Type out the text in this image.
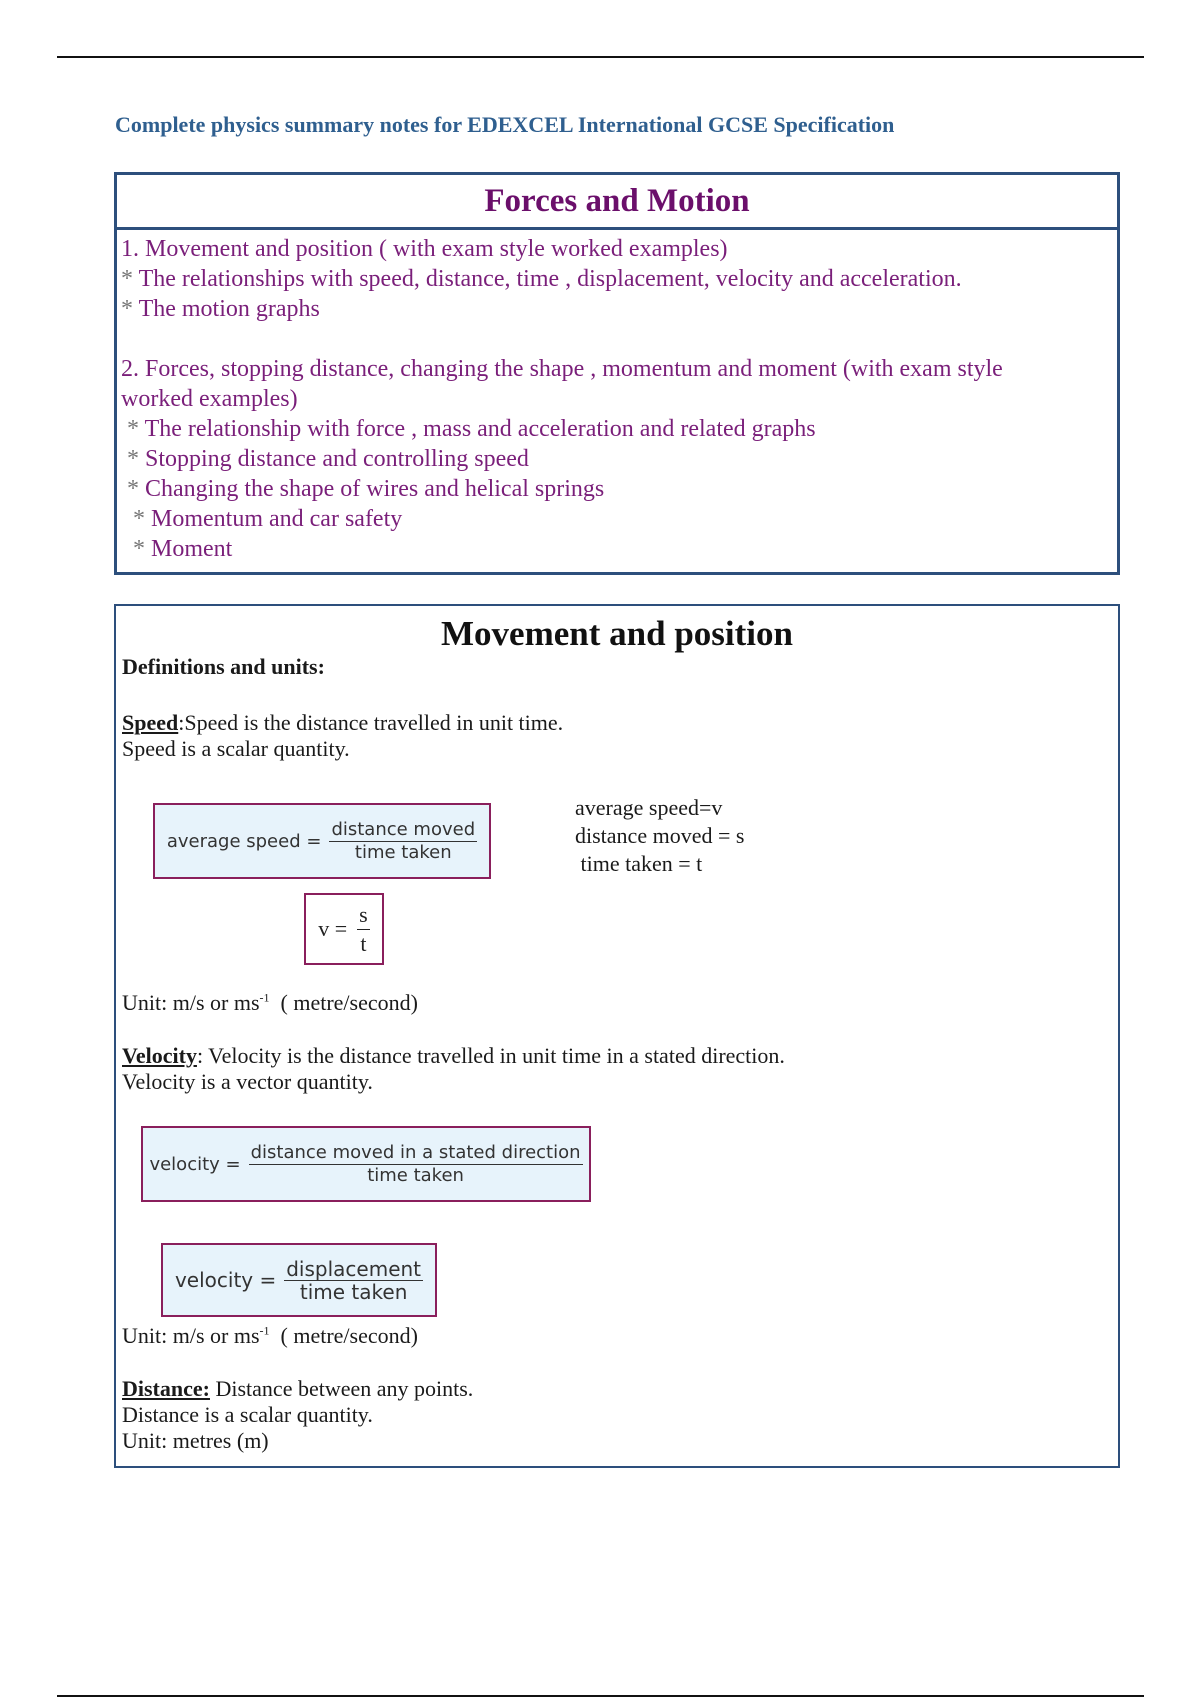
Complete physics summary notes for EDEXCEL International GCSE Specification
Forces and Motion
1. Movement and position ( with exam style worked examples)
* The relationships with speed, distance, time , displacement, velocity and acceleration.
* The motion graphs
2. Forces, stopping distance, changing the shape , momentum and moment (with exam style
worked examples)
* The relationship with force , mass and acceleration and related graphs
* Stopping distance and controlling speed
* Changing the shape of wires and helical springs
* Momentum and car safety
* Moment
Movement and position
Definitions and units:
Speed:Speed is the distance travelled in unit time.
Speed is a scalar quantity.
average speed = $\frac{\text{distance moved}}{\text{time taken}}$
average speed=v
distance moved = s
time taken = t
$v = \frac{s}{t}$
Unit: m/s or $ms^{-1}$  ( metre/second)
Velocity: Velocity is the distance travelled in unit time in a stated direction.
Velocity is a vector quantity.
velocity = $\frac{\text{distance moved in a stated direction}}{\text{time taken}}$
velocity = $\frac{\text{displacement}}{\text{time taken}}$
Unit: m/s or $ms^{-1}$  ( metre/second)
Distance: Distance between any points.
Distance is a scalar quantity.
Unit: metres (m)
